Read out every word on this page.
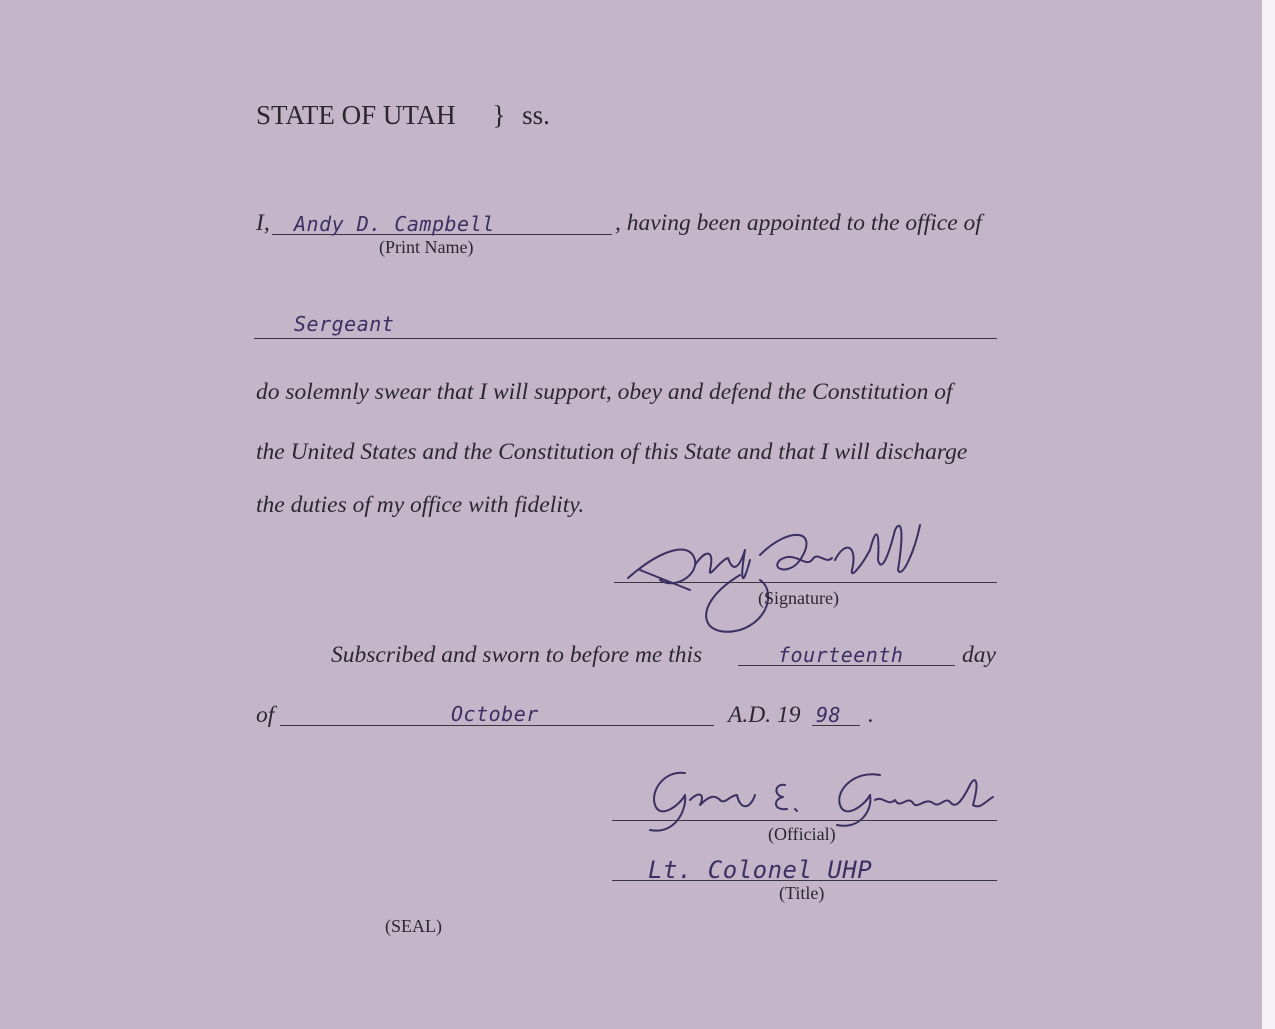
STATE OF UTAH } ss.
I, Andy D. Campbell
(Print Name)
, having been appointed to the office of
Sergeant
do solemnly swear that I will support, obey and defend the Constitution of
the United States and the Constitution of this State and that I will discharge
the duties of my office with fidelity.
(Signature)
Subscribed and sworn to before me this	fourteenth day
of	October	A.D. 19 98 .
(Official)
Lt. Colonel UHP
(Title)
(SEAL)
